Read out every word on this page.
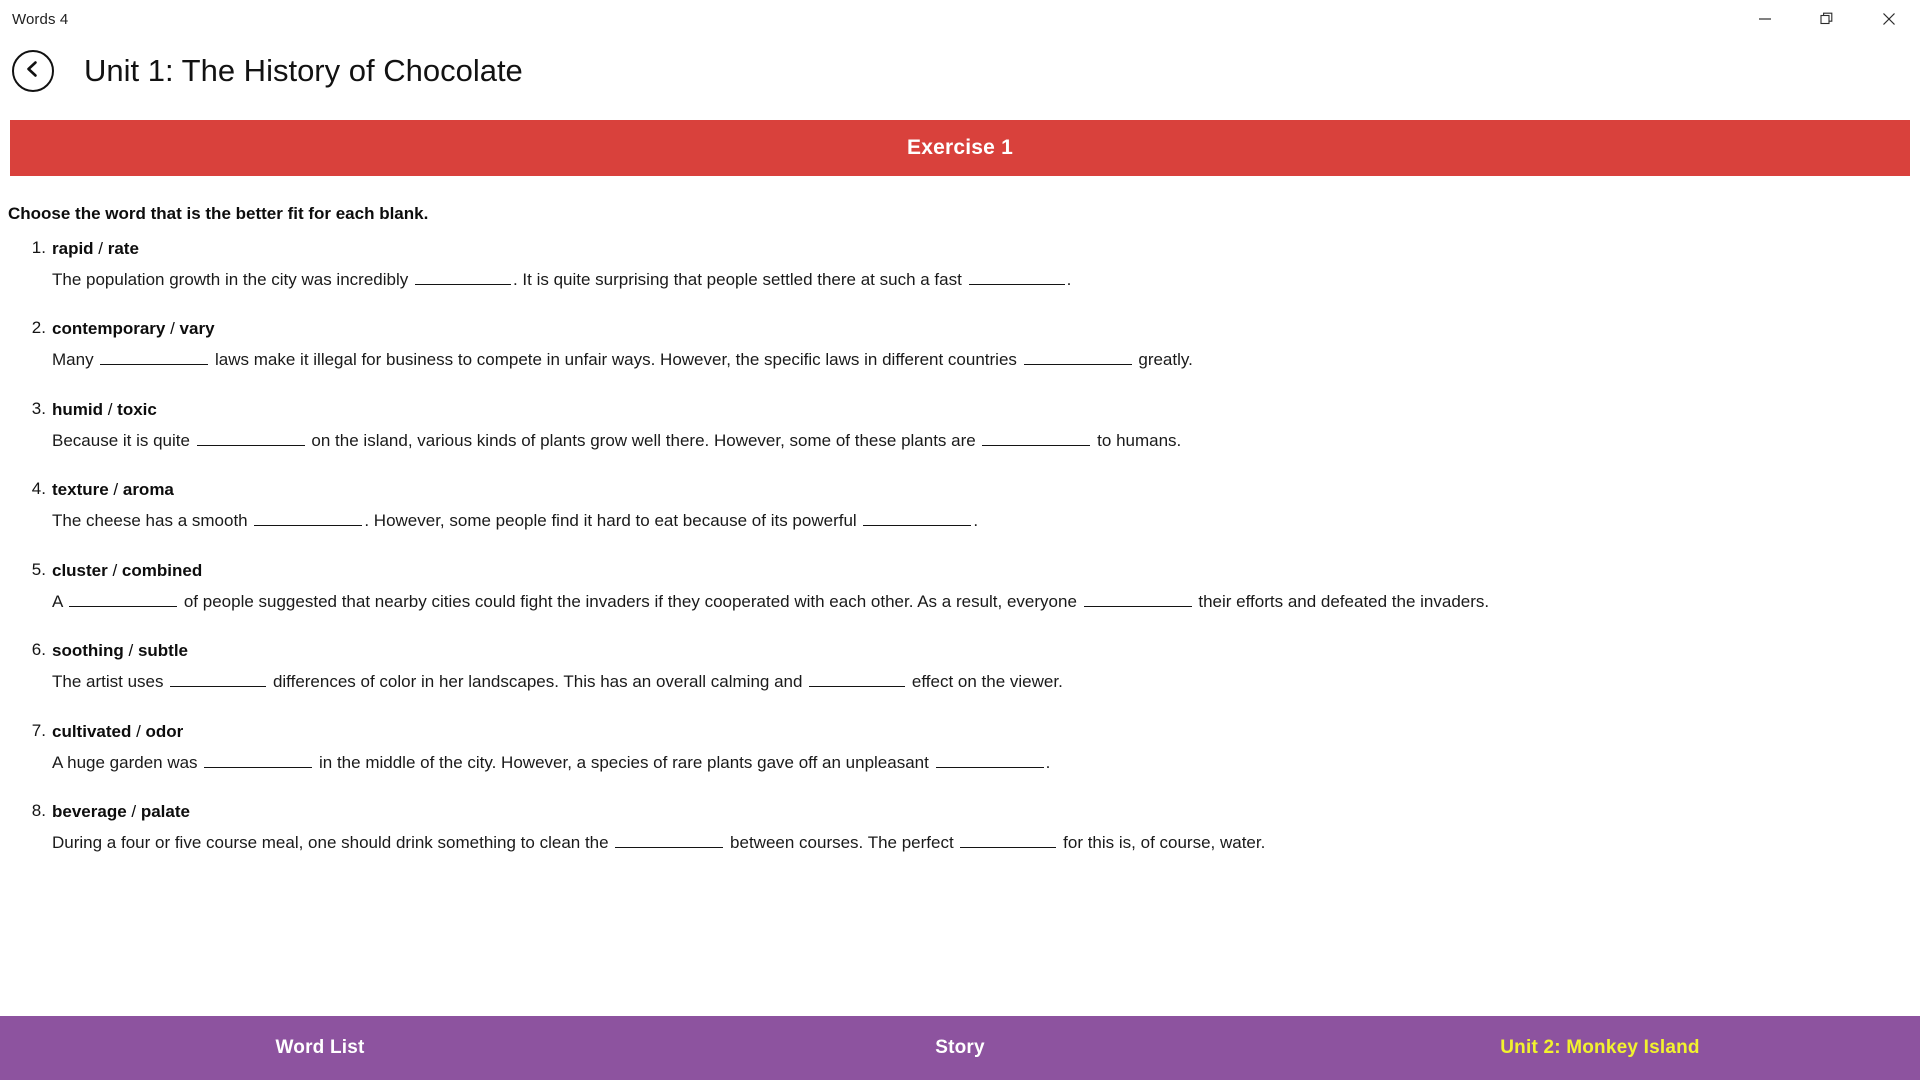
Words 4
Unit 1: The History of Chocolate
Exercise 1
Choose the word that is the better fit for each blank.
rapid / rate
The population growth in the city was incredibly	. It is quite surprising that people settled there at such a fast	.
contemporary / vary
Many	laws make it illegal for business to compete in unfair ways. However, the specific laws in different countries	greatly.
humid / toxic
Because it is quite	on the island, various kinds of plants grow well there. However, some of these plants are	to humans.
texture / aroma
The cheese has a smooth	. However, some people find it hard to eat because of its powerful	.
cluster / combined
A	of people suggested that nearby cities could fight the invaders if they cooperated with each other. As a result, everyone	their efforts and defeated the invaders.
soothing / subtle
The artist uses	differences of color in her landscapes. This has an overall calming and	effect on the viewer.
cultivated / odor
A huge garden was	in the middle of the city. However, a species of rare plants gave off an unpleasant	.
beverage / palate
During a four or five course meal, one should drink something to clean the	between courses. The perfect	for this is, of course, water.
Word List	Story	Unit 2: Monkey Island
